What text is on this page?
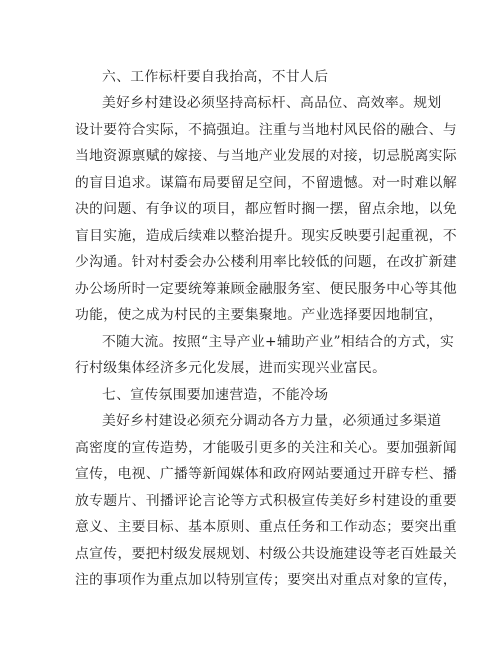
六、工作标杆要自我抬高，不甘人后
美好乡村建设必须坚持高标杆、高品位、高效率。规划
设计要符合实际，不搞强迫。注重与当地村风民俗的融合、与
当地资源禀赋的嫁接、与当地产业发展的对接，切忌脱离实际
的盲目追求。谋篇布局要留足空间，不留遗憾。对一时难以解
决的问题、有争议的项目，都应暂时搁一摆，留点余地，以免
盲目实施，造成后续难以整治提升。现实反映要引起重视，不
少沟通。针对村委会办公楼利用率比较低的问题，在改扩新建
办公场所时一定要统筹兼顾金融服务室、便民服务中心等其他
功能，使之成为村民的主要集聚地。产业选择要因地制宜，
不随大流。按照“主导产业+辅助产业”相结合的方式，实
行村级集体经济多元化发展，进而实现兴业富民。
七、宣传氛围要加速营造，不能冷场
美好乡村建设必须充分调动各方力量，必须通过多渠道
高密度的宣传造势，才能吸引更多的关注和关心。要加强新闻
宣传，电视、广播等新闻媒体和政府网站要通过开辟专栏、播
放专题片、刊播评论言论等方式积极宣传美好乡村建设的重要
意义、主要目标、基本原则、重点任务和工作动态；要突出重
点宣传，要把村级发展规划、村级公共设施建设等老百姓最关
注的事项作为重点加以特别宣传；要突出对重点对象的宣传，
